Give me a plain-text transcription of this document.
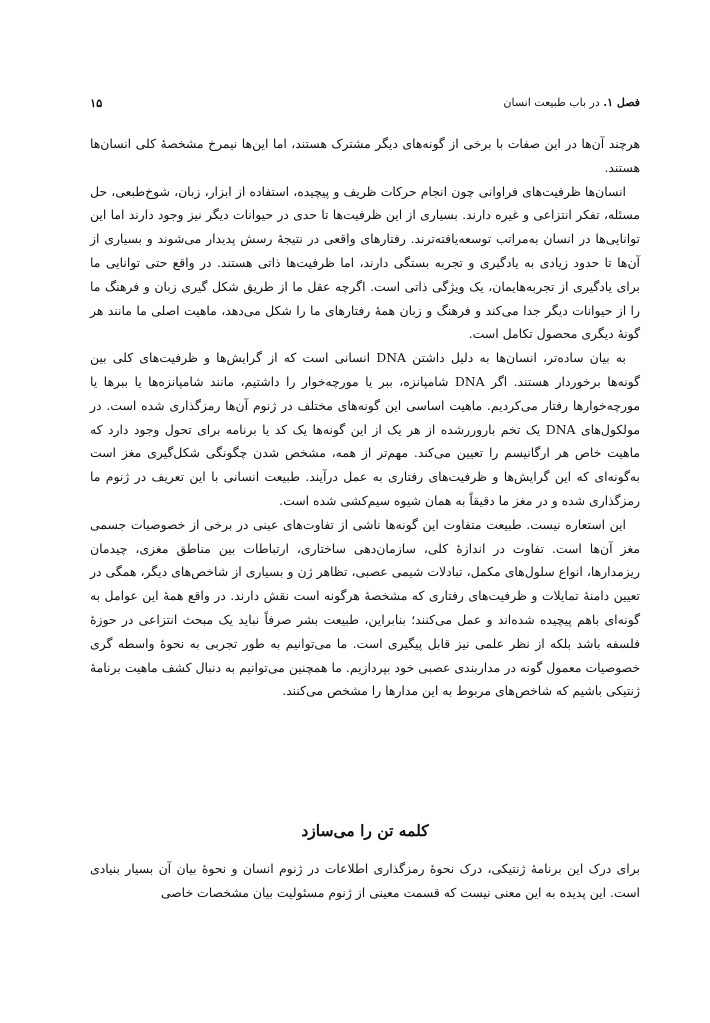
فصل ۱. در باب طبیعت انسان
۱۵

هرچند آن‌ها در این صفات با برخی از گونه‌های دیگر مشترک هستند، اما این‌ها نیمرخ مشخصهٔ کلی انسان‌ها هستند.

انسان‌ها ظرفیت‌های فراوانی چون انجام حرکات ظریف و پیچیده، استفاده از ابزار، زبان، شوخ‌طبعی، حل مسئله، تفکر انتزاعی و غیره دارند. بسیاری از این ظرفیت‌ها تا حدی در حیوانات دیگر نیز وجود دارند اما این توانایی‌ها در انسان به‌مراتب توسعه‌یافته‌ترند. رفتارهای واقعی در نتیجهٔ رسش پدیدار می‌شوند و بسیاری از آن‌ها تا حدود زیادی به یادگیری و تجربه بستگی دارند، اما ظرفیت‌ها ذاتی هستند. در واقع حتی توانایی ما برای یادگیری از تجربه‌هایمان، یک ویژگی ذاتی است. اگرچه عقل ما از طریق شکل گیری زبان و فرهنگ ما را از حیوانات دیگر جدا می‌کند و فرهنگ و زبان همهٔ رفتارهای ما را شکل می‌دهد، ماهیت اصلی ما مانند هر گونهٔ دیگری محصول تکامل است.

به بیان ساده‌تر، انسان‌ها به دلیل داشتن DNA انسانی است که از گرایش‌ها و ظرفیت‌های کلی بین گونه‌ها برخوردار هستند. اگر DNA شامپانزه، ببر یا مورچه‌خوار را داشتیم، مانند شامپانزه‌ها یا ببرها یا مورچه‌خوارها رفتار می‌کردیم. ماهیت اساسی این گونه‌های مختلف در ژنوم آن‌ها رمزگذاری شده است. در مولکول‌های DNA یک تخم باروررشده از هر یک از این گونه‌ها یک کد یا برنامه برای تحول وجود دارد که ماهیت خاص هر ارگانیسم را تعیین می‌کند. مهم‌تر از همه، مشخص شدن چگونگی شکل‌گیری مغز است به‌گونه‌ای که این گرایش‌ها و ظرفیت‌های رفتاری به عمل درآیند. طبیعت انسانی با این تعریف در ژنوم ما رمزگذاری شده و در مغز ما دقیقاً به همان شیوه سیم‌کشی شده است.

این استعاره نیست. طبیعت متفاوت این گونه‌ها ناشی از تفاوت‌های عینی در برخی از خصوصیات جسمی مغز آن‌ها است. تفاوت در اندازهٔ کلی، سازمان‌دهی ساختاری، ارتباطات بین مناطق مغزی، چیدمان ریزمدارها، انواع سلول‌های مکمل، تبادلات شیمی عصبی، تظاهر ژن و بسیاری از شاخص‌های دیگر، همگی در تعیین دامنهٔ تمایلات و ظرفیت‌های رفتاری که مشخصهٔ هرگونه است نقش دارند. در واقع همهٔ این عوامل به گونه‌ای باهم پیچیده شده‌اند و عمل می‌کنند؛ بنابراین، طبیعت بشر صرفاً نباید یک مبحث انتزاعی در حوزهٔ فلسفه باشد بلکه از نظر علمی نیز قابل پیگیری است. ما می‌توانیم به طور تجربی به نحوهٔ واسطه گری خصوصیات معمول گونه در مداربندی عصبی خود بپردازیم. ما همچنین می‌توانیم به دنبال کشف ماهیت برنامهٔ ژنتیکی باشیم که شاخص‌های مربوط به این مدارها را مشخص می‌کنند.

کلمه تن را می‌سازد

برای درک این برنامهٔ ژنتیکی، درک نحوهٔ رمزگذاری اطلاعات در ژنوم انسان و نحوهٔ بیان آن بسیار بنیادی است. این پدیده به این معنی نیست که قسمت معینی از ژنوم مسئولیت بیان مشخصات خاصی
